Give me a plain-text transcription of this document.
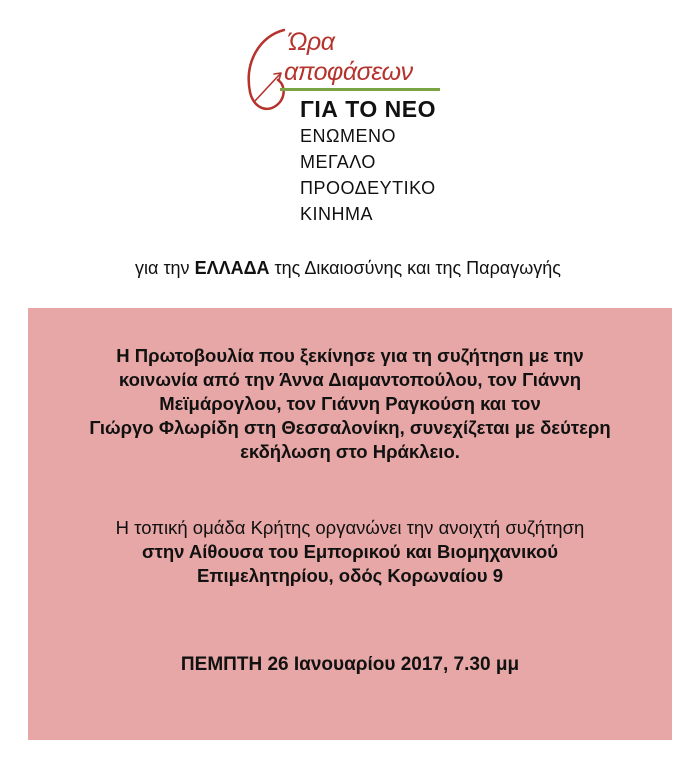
Ώρα
αποφάσεων
ΓΙΑ ΤΟ ΝΕΟ
ΕΝΩΜΕΝΟ
ΜΕΓΑΛΟ
ΠΡΟΟΔΕΥΤΙΚΟ
ΚΙΝΗΜΑ
για την ΕΛΛΑΔΑ της Δικαιοσύνης και της Παραγωγής
Η Πρωτοβουλία που ξεκίνησε για τη συζήτηση με την
κοινωνία από την Άννα Διαμαντοπούλου, τον Γιάννη
Μεϊμάρογλου, τον Γιάννη Ραγκούση και τον
Γιώργο Φλωρίδη στη Θεσσαλονίκη, συνεχίζεται με δεύτερη
εκδήλωση στο Ηράκλειο.
Η τοπική ομάδα Κρήτης οργανώνει την ανοιχτή συζήτηση
στην Αίθουσα του Εμπορικού και Βιομηχανικού
Επιμελητηρίου, οδός Κορωναίου 9
ΠΕΜΠΤΗ 26 Ιανουαρίου 2017, 7.30 μμ
